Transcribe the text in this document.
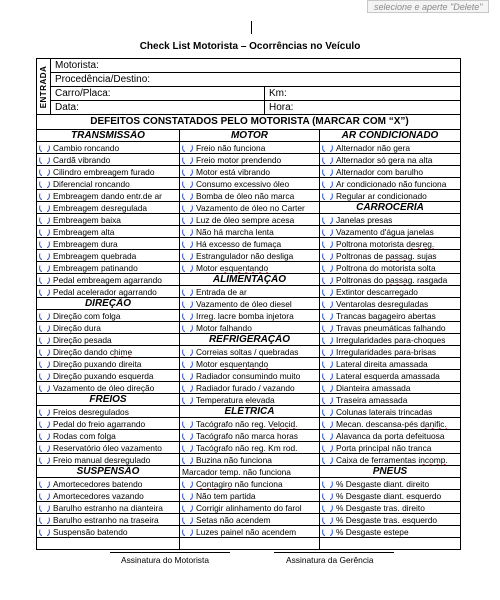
selecione e aperte "Delete"
Check List Motorista – Ocorrências no Veículo
ENTRADA	Motorista:	
	Procedência/Destino:	
	Carro/Placa:	Km:
	Data:	Hora:
DEFEITOS CONSTATADOS PELO MOTORISTA (MARCAR COM “X”)		
TRANSMISSÃO	MOTOR	AR CONDICIONADO

Cambio roncando	Freio não funciona	Alternador não gera

Cardã vibrando	Freio motor prendendo	Alternador só gera na alta

Cilindro embreagem furado	Motor está vibrando	Alternador com barulho

Diferencial roncando	Consumo excessivo óleo	Ar condicionado não funciona

Embreagem dando entr.de ar	Bomba de óleo não marca	Regular ar condicionado

Embreagem desregulada	Vazamento de óleo no Carter	CARROCERIA

Embreagem baixa	Luz de óleo sempre acesa	Janelas presas

Embreagem alta	Não há marcha lenta	Vazamento d'água janelas

Embreagem dura	Há excesso de fumaça	Poltrona motorista desreg.

Embreagem quebrada	Estrangulador não desliga	Poltronas de passag. sujas

Embreagem patinando	Motor esquentando	Poltrona do motorista solta

Pedal embreagem agarrando	ALIMENTAÇÃO	Poltronas do passag. rasgada

Pedal acelerador agarrando	Entrada de ar	Extintor descarregado
DIREÇÃO	Vazamento de óleo diesel	Ventarolas desreguladas

Direção com folga	Irreg. lacre bomba injetora	Trancas bagageiro abertas

Direção dura	Motor falhando	Travas pneumáticas falhando

Direção pesada	REFRIGERAÇÃO	Irregularidades para-choques

Direção dando chime	Correias soltas / quebradas	Irregularidades para-brisas

Direção puxando direita	Motor esquentando	Lateral direita amassada

Direção puxando esquerda	Radiador consumindo muito	Lateral esquerda amassada

Vazamento de óleo direção	Radiador furado / vazando	Dianteira amassada
FREIOS	Temperatura elevada	Traseira amassada

Freios desregulados	ELÉTRICA	Colunas laterais trincadas

Pedal do freio agarrando	Tacógrafo não reg. Velocid.	Mecan. descansa-pés danific.

Rodas com folga	Tacógrafo não marca horas	Alavanca da porta defeituosa

Reservatório óleo vazamento	Tacógrafo não reg. Km rod.	Porta principal não tranca

Freio manual desregulado	Buzina não funciona	Caixa de ferramentas incomp.
SUSPENSÃO	Marcador temp. não funciona	PNEUS

Amortecedores batendo	Contagiro não funciona	% Desgaste diant. direito

Amortecedores vazando	Não tem partida	% Desgaste diant. esquerdo

Barulho estranho na dianteira	Corrigir alinhamento do farol	% Desgaste tras. direito

Barulho estranho na traseira	Setas não acendem	% Desgaste tras. esquerdo

Suspensão batendo	Luzes painel não acendem	% Desgaste estepe

Assinatura do Motorista	Assinatura da Gerência
